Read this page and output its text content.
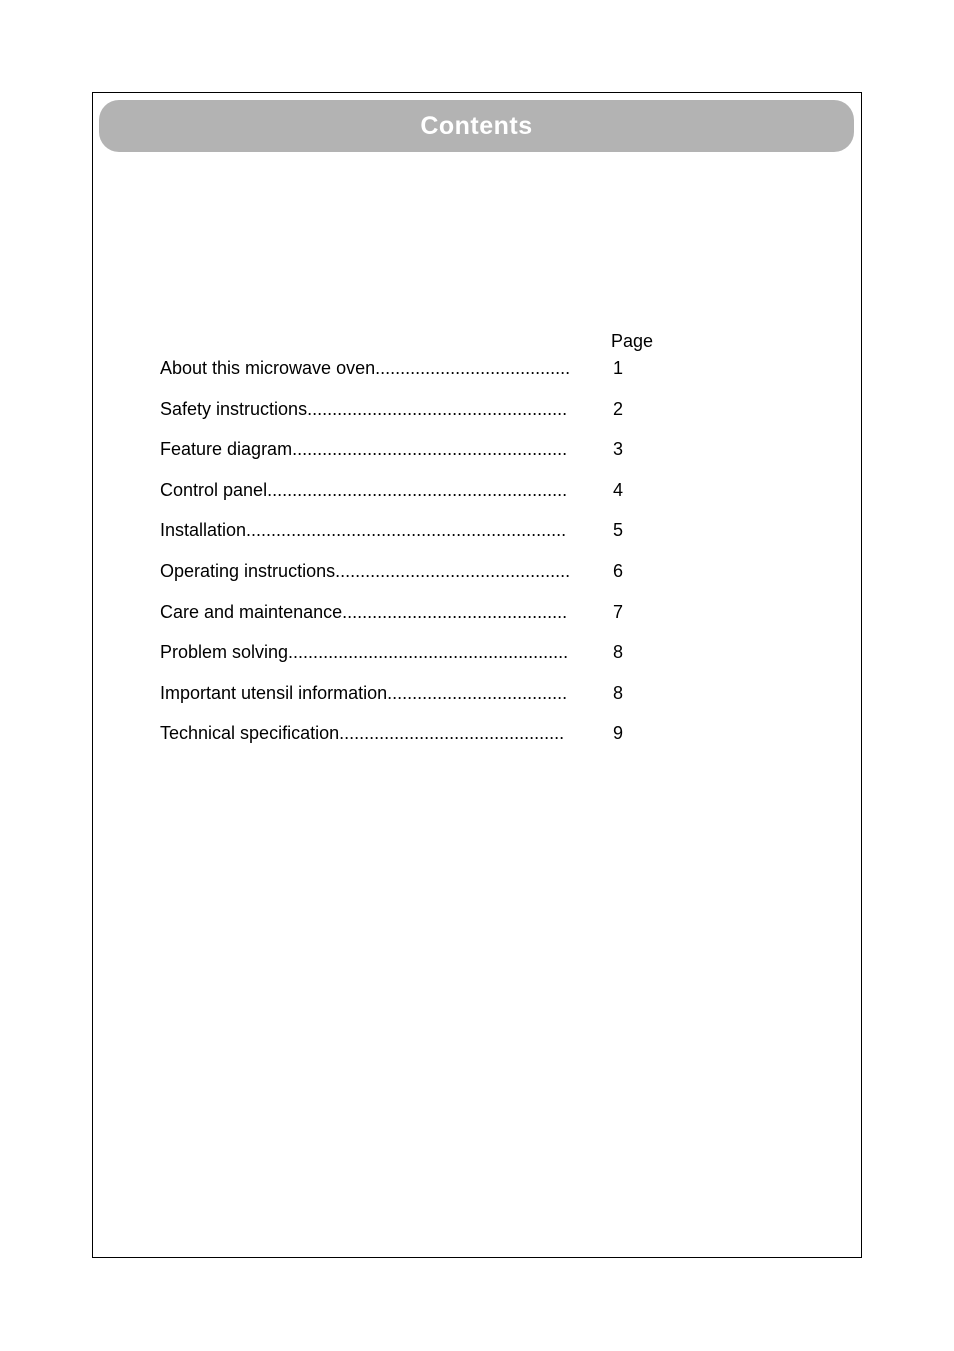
Contents
Page
About this microwave oven....................................... 1
Safety instructions....................................................	2
Feature diagram.......................................................	3
Control panel............................................................	4
Installation................................................................	5
Operating instructions............................................... 6
Care and maintenance.............................................	7
Problem solving........................................................ 8
Important utensil information....................................	8
Technical specification.............................................	9
